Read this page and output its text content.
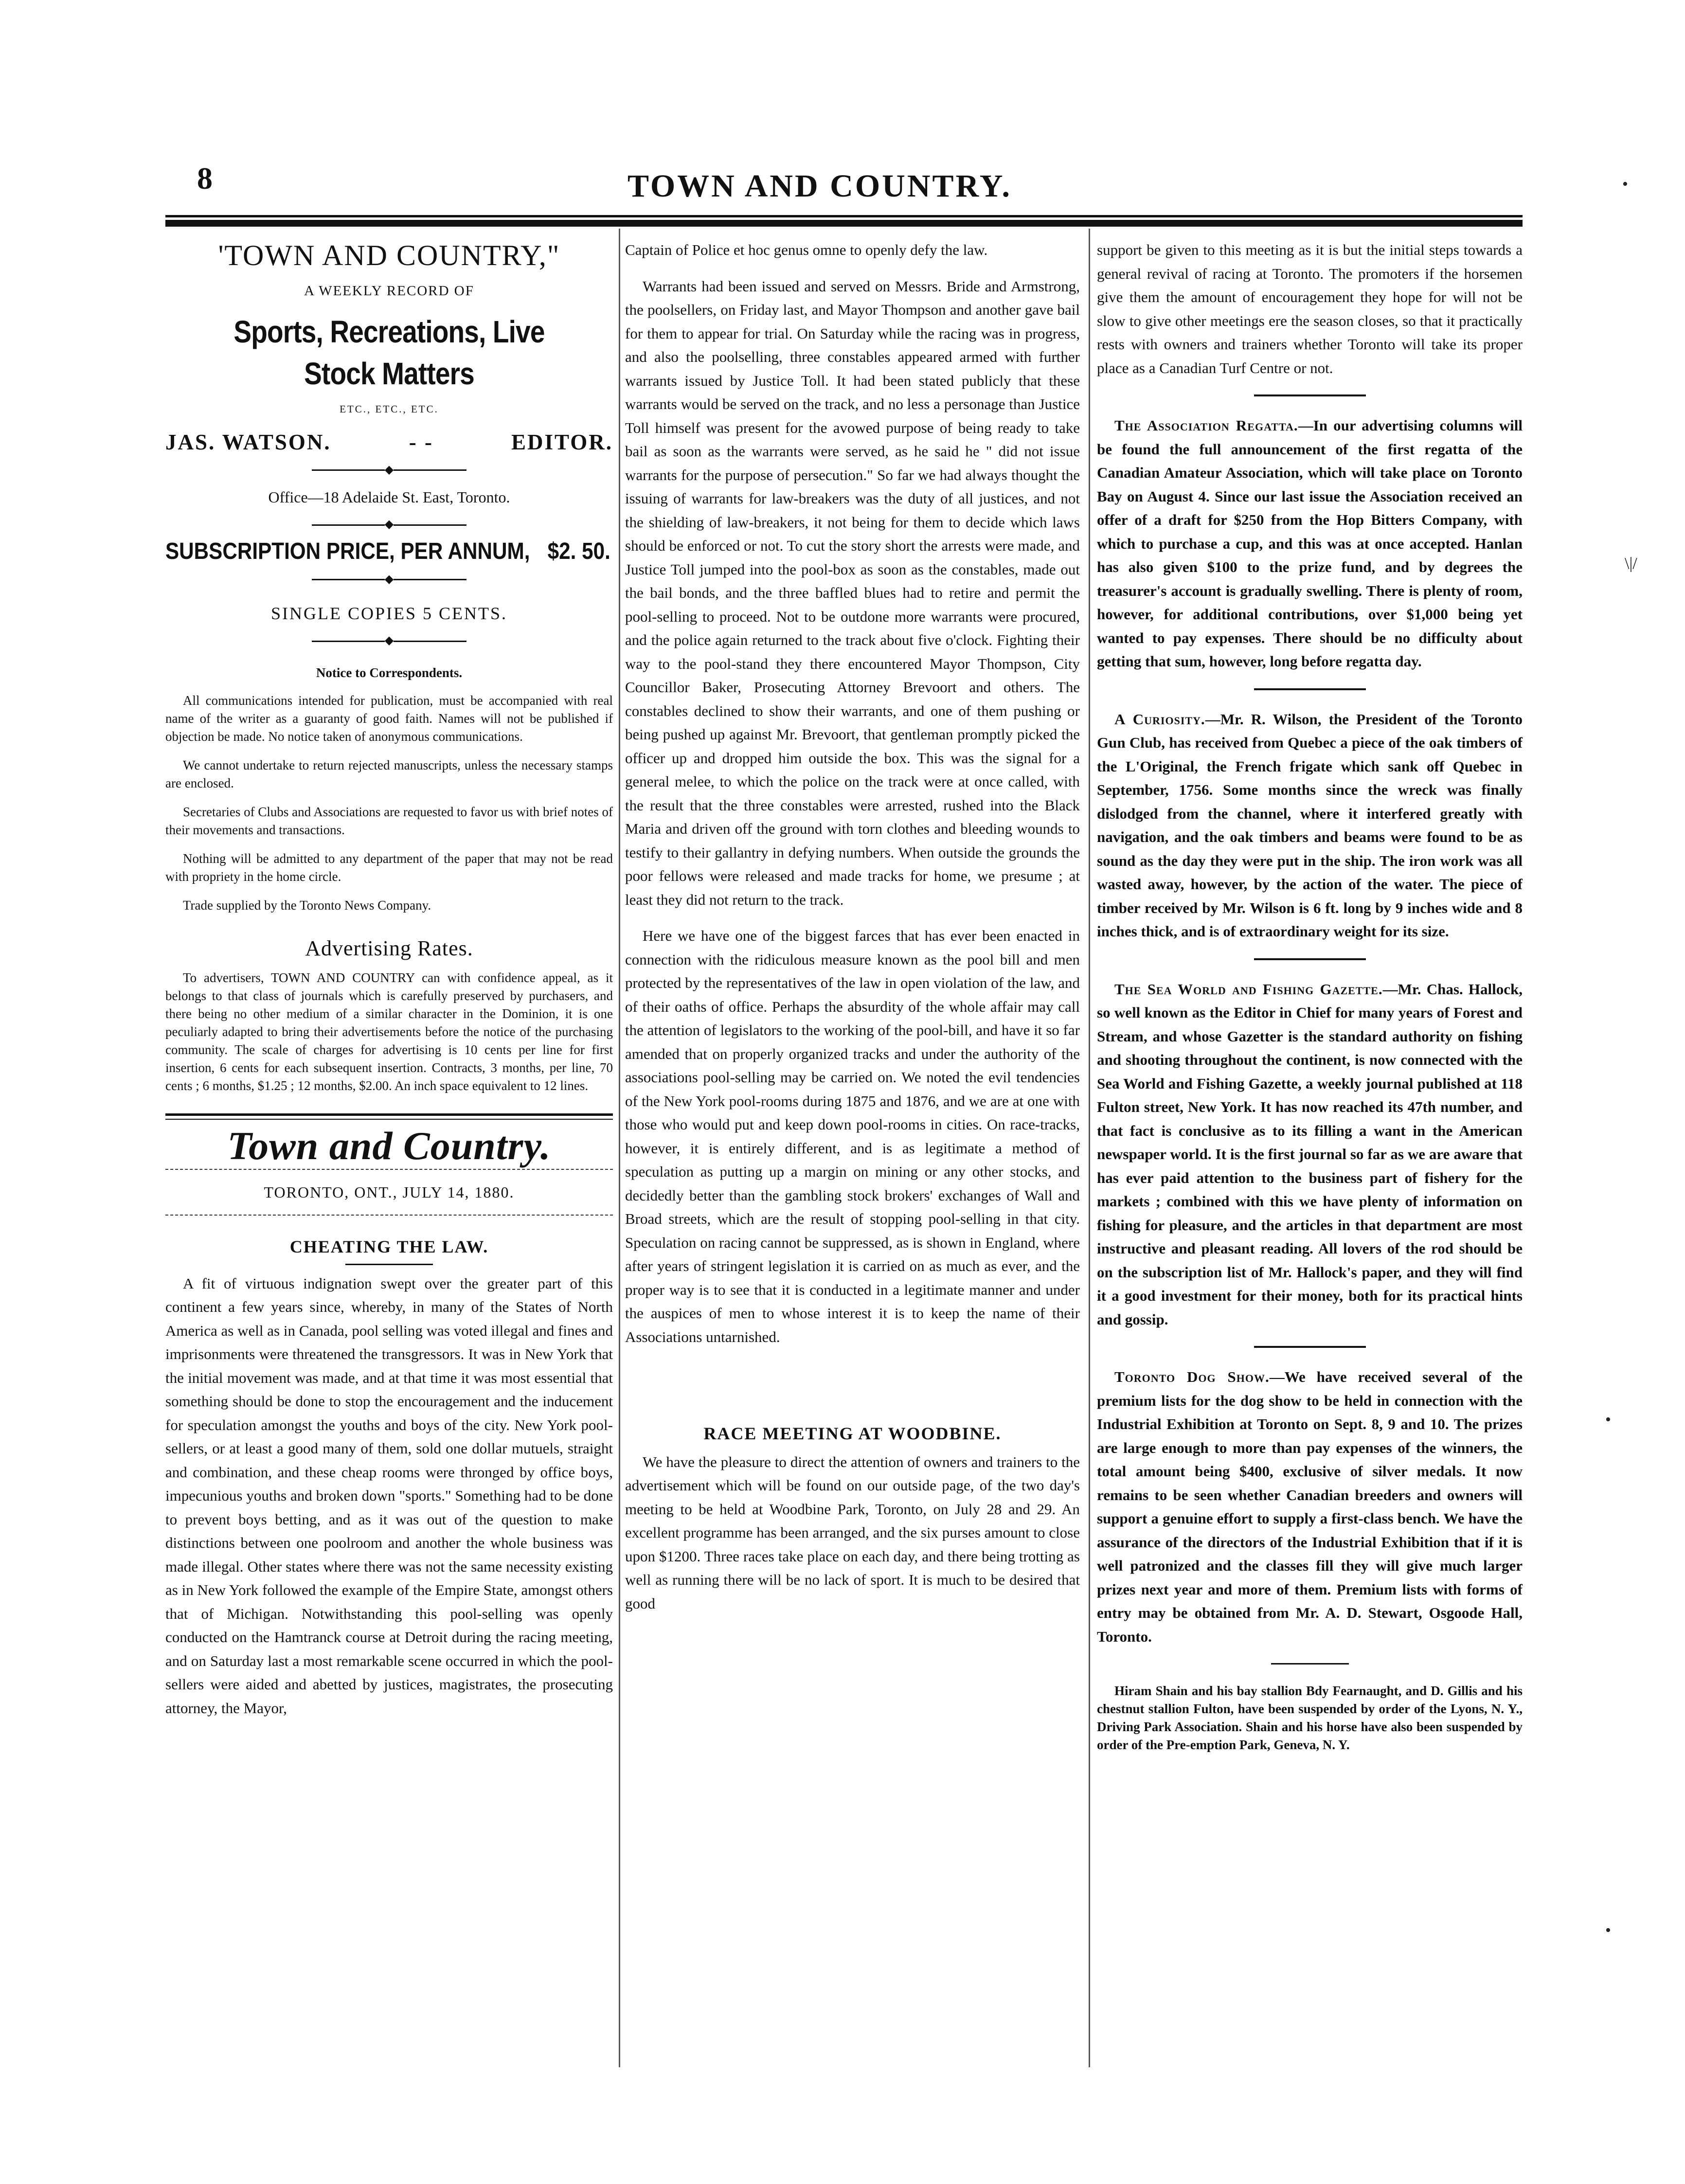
8	TOWN AND COUNTRY.	•
\|/
•
•
'TOWN AND COUNTRY,"
A WEEKLY RECORD OF
Sports, Recreations, Live Stock Matters
ETC., ETC., ETC.
JAS. WATSON.	- -	EDITOR.
◆
Office—18 Adelaide St. East, Toronto.
◆
SUBSCRIPTION PRICE, PER ANNUM, $2. 50.
◆
SINGLE COPIES 5 CENTS.
◆
Notice to Correspondents.

All communications intended for publication, must be accompanied with real name of the writer as a guaranty of good faith. Names will not be published if objection be made. No notice taken of anonymous communications.

We cannot undertake to return rejected manuscripts, unless the necessary stamps are enclosed.

Secretaries of Clubs and Associations are requested to favor us with brief notes of their movements and transactions.

Nothing will be admitted to any department of the paper that may not be read with propriety in the home circle.

Trade supplied by the Toronto News Company.

Advertising Rates.

To advertisers, TOWN AND COUNTRY can with confidence appeal, as it belongs to that class of journals which is carefully preserved by purchasers, and there being no other medium of a similar character in the Dominion, it is one peculiarly adapted to bring their advertisements before the notice of the purchasing community. The scale of charges for advertising is 10 cents per line for first insertion, 6 cents for each subsequent insertion. Contracts, 3 months, per line, 70 cents ; 6 months, $1.25 ; 12 months, $2.00. An inch space equivalent to 12 lines.

Town and Country.
TORONTO, ONT., JULY 14, 1880.
CHEATING THE LAW.

A fit of virtuous indignation swept over the greater part of this continent a few years since, whereby, in many of the States of North America as well as in Canada, pool selling was voted illegal and fines and imprisonments were threatened the transgressors. It was in New York that the initial movement was made, and at that time it was most essential that something should be done to stop the encouragement and the inducement for speculation amongst the youths and boys of the city. New York pool-sellers, or at least a good many of them, sold one dollar mutuels, straight and combination, and these cheap rooms were thronged by office boys, impecunious youths and broken down "sports." Something had to be done to prevent boys betting, and as it was out of the question to make distinctions between one poolroom and another the whole business was made illegal. Other states where there was not the same necessity existing as in New York followed the example of the Empire State, amongst others that of Michigan. Notwithstanding this pool-selling was openly conducted on the Hamtranck course at Detroit during the racing meeting, and on Saturday last a most remarkable scene occurred in which the pool-sellers were aided and abetted by justices, magistrates, the prosecuting attorney, the Mayor,

Captain of Police et hoc genus omne to openly defy the law.

Warrants had been issued and served on Messrs. Bride and Armstrong, the poolsellers, on Friday last, and Mayor Thompson and another gave bail for them to appear for trial. On Saturday while the racing was in progress, and also the poolselling, three constables appeared armed with further warrants issued by Justice Toll. It had been stated publicly that these warrants would be served on the track, and no less a personage than Justice Toll himself was present for the avowed purpose of being ready to take bail as soon as the warrants were served, as he said he " did not issue warrants for the purpose of persecution." So far we had always thought the issuing of warrants for law-breakers was the duty of all justices, and not the shielding of law-breakers, it not being for them to decide which laws should be enforced or not. To cut the story short the arrests were made, and Justice Toll jumped into the pool-box as soon as the constables, made out the bail bonds, and the three baffled blues had to retire and permit the pool-selling to proceed. Not to be outdone more warrants were procured, and the police again returned to the track about five o'clock. Fighting their way to the pool-stand they there encountered Mayor Thompson, City Councillor Baker, Prosecuting Attorney Brevoort and others. The constables declined to show their warrants, and one of them pushing or being pushed up against Mr. Brevoort, that gentleman promptly picked the officer up and dropped him outside the box. This was the signal for a general melee, to which the police on the track were at once called, with the result that the three constables were arrested, rushed into the Black Maria and driven off the ground with torn clothes and bleeding wounds to testify to their gallantry in defying numbers. When outside the grounds the poor fellows were released and made tracks for home, we presume ; at least they did not return to the track.

Here we have one of the biggest farces that has ever been enacted in connection with the ridiculous measure known as the pool bill and men protected by the representatives of the law in open violation of the law, and of their oaths of office. Perhaps the absurdity of the whole affair may call the attention of legislators to the working of the pool-bill, and have it so far amended that on properly organized tracks and under the authority of the associations pool-selling may be carried on. We noted the evil tendencies of the New York pool-rooms during 1875 and 1876, and we are at one with those who would put and keep down pool-rooms in cities. On race-tracks, however, it is entirely different, and is as legitimate a method of speculation as putting up a margin on mining or any other stocks, and decidedly better than the gambling stock brokers' exchanges of Wall and Broad streets, which are the result of stopping pool-selling in that city. Speculation on racing cannot be suppressed, as is shown in England, where after years of stringent legislation it is carried on as much as ever, and the proper way is to see that it is conducted in a legitimate manner and under the auspices of men to whose interest it is to keep the name of their Associations untarnished.

RACE MEETING AT WOODBINE.

We have the pleasure to direct the attention of owners and trainers to the advertisement which will be found on our outside page, of the two day's meeting to be held at Woodbine Park, Toronto, on July 28 and 29. An excellent programme has been arranged, and the six purses amount to close upon $1200. Three races take place on each day, and there being trotting as well as running there will be no lack of sport. It is much to be desired that good

support be given to this meeting as it is but the initial steps towards a general revival of racing at Toronto. The promoters if the horsemen give them the amount of encouragement they hope for will not be slow to give other meetings ere the season closes, so that it practically rests with owners and trainers whether Toronto will take its proper place as a Canadian Turf Centre or not.

The Association Regatta.—In our advertising columns will be found the full announcement of the first regatta of the Canadian Amateur Association, which will take place on Toronto Bay on August 4. Since our last issue the Association received an offer of a draft for $250 from the Hop Bitters Company, with which to purchase a cup, and this was at once accepted. Hanlan has also given $100 to the prize fund, and by degrees the treasurer's account is gradually swelling. There is plenty of room, however, for additional contributions, over $1,000 being yet wanted to pay expenses. There should be no difficulty about getting that sum, however, long before regatta day.

A Curiosity.—Mr. R. Wilson, the President of the Toronto Gun Club, has received from Quebec a piece of the oak timbers of the L'Original, the French frigate which sank off Quebec in September, 1756. Some months since the wreck was finally dislodged from the channel, where it interfered greatly with navigation, and the oak timbers and beams were found to be as sound as the day they were put in the ship. The iron work was all wasted away, however, by the action of the water. The piece of timber received by Mr. Wilson is 6 ft. long by 9 inches wide and 8 inches thick, and is of extraordinary weight for its size.

The Sea World and Fishing Gazette.—Mr. Chas. Hallock, so well known as the Editor in Chief for many years of Forest and Stream, and whose Gazetter is the standard authority on fishing and shooting throughout the continent, is now connected with the Sea World and Fishing Gazette, a weekly journal published at 118 Fulton street, New York. It has now reached its 47th number, and that fact is conclusive as to its filling a want in the American newspaper world. It is the first journal so far as we are aware that has ever paid attention to the business part of fishery for the markets ; combined with this we have plenty of information on fishing for pleasure, and the articles in that department are most instructive and pleasant reading. All lovers of the rod should be on the subscription list of Mr. Hallock's paper, and they will find it a good investment for their money, both for its practical hints and gossip.

Toronto Dog Show.—We have received several of the premium lists for the dog show to be held in connection with the Industrial Exhibition at Toronto on Sept. 8, 9 and 10. The prizes are large enough to more than pay expenses of the winners, the total amount being $400, exclusive of silver medals. It now remains to be seen whether Canadian breeders and owners will support a genuine effort to supply a first-class bench. We have the assurance of the directors of the Industrial Exhibition that if it is well patronized and the classes fill they will give much larger prizes next year and more of them. Premium lists with forms of entry may be obtained from Mr. A. D. Stewart, Osgoode Hall, Toronto.

Hiram Shain and his bay stallion Bdy Fearnaught, and D. Gillis and his chestnut stallion Fulton, have been suspended by order of the Lyons, N. Y., Driving Park Association. Shain and his horse have also been suspended by order of the Pre-emption Park, Geneva, N. Y.
